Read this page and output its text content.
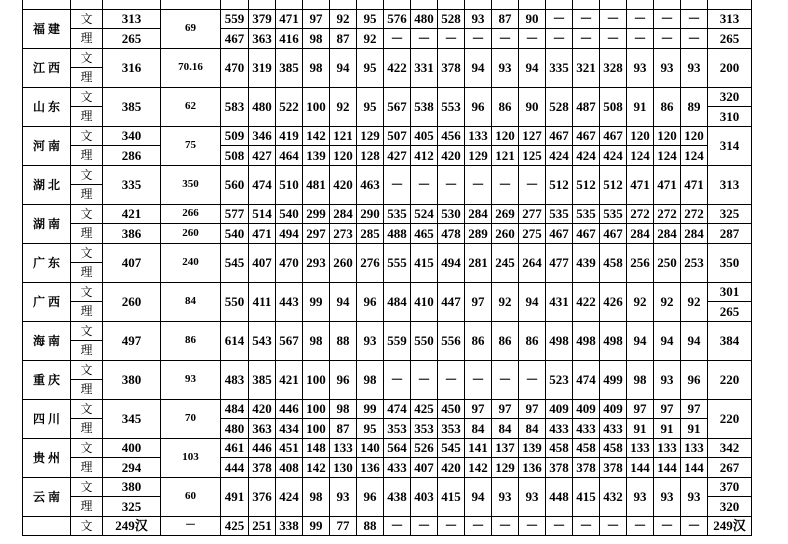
福 建	文	313	69	559	379	471	97	92	95	576	480	528	93	87	90	－	－	－	－	－	－	313
	理	265		467	363	416	98	87	92	－	－	－	－	－	－	－	－	－	－	－	－	265
江 西	文	316	70.16	470	319	385	98	94	95	422	331	378	94	93	94	335	321	328	93	93	93	200
	理																					
山 东	文	385	62	583	480	522	100	92	95	567	538	553	96	86	90	528	487	508	91	86	89	320
	理																					310
河 南	文	340	75	509	346	419	142	121	129	507	405	456	133	120	127	467	467	467	120	120	120	314
	理	286		508	427	464	139	120	128	427	412	420	129	121	125	424	424	424	124	124	124	
湖 北	文	335	350	560	474	510	481	420	463	－	－	－	－	－	－	512	512	512	471	471	471	313
	理																					
湖 南	文	421	266	577	514	540	299	284	290	535	524	530	284	269	277	535	535	535	272	272	272	325
	理	386	260	540	471	494	297	273	285	488	465	478	289	260	275	467	467	467	284	284	284	287
广 东	文	407	240	545	407	470	293	260	276	555	415	494	281	245	264	477	439	458	256	250	253	350
	理																					
广 西	文	260	84	550	411	443	99	94	96	484	410	447	97	92	94	431	422	426	92	92	92	301
	理																					265
海 南	文	497	86	614	543	567	98	88	93	559	550	556	86	86	86	498	498	498	94	94	94	384
	理																					
重 庆	文	380	93	483	385	421	100	96	98	－	－	－	－	－	－	523	474	499	98	93	96	220
	理																					
四 川	文	345	70	484	420	446	100	98	99	474	425	450	97	97	97	409	409	409	97	97	97	220
	理			480	363	434	100	87	95	353	353	353	84	84	84	433	433	433	91	91	91	
贵 州	文	400	103	461	446	451	148	133	140	564	526	545	141	137	139	458	458	458	133	133	133	342
	理	294		444	378	408	142	130	136	433	407	420	142	129	136	378	378	378	144	144	144	267
云 南	文	380	60	491	376	424	98	93	96	438	403	415	94	93	93	448	415	432	93	93	93	370
	理	325																				320
	文	249汉	－	425	251	338	99	77	88	－	－	－	－	－	－	－	－	－	－	－	－	249汉
